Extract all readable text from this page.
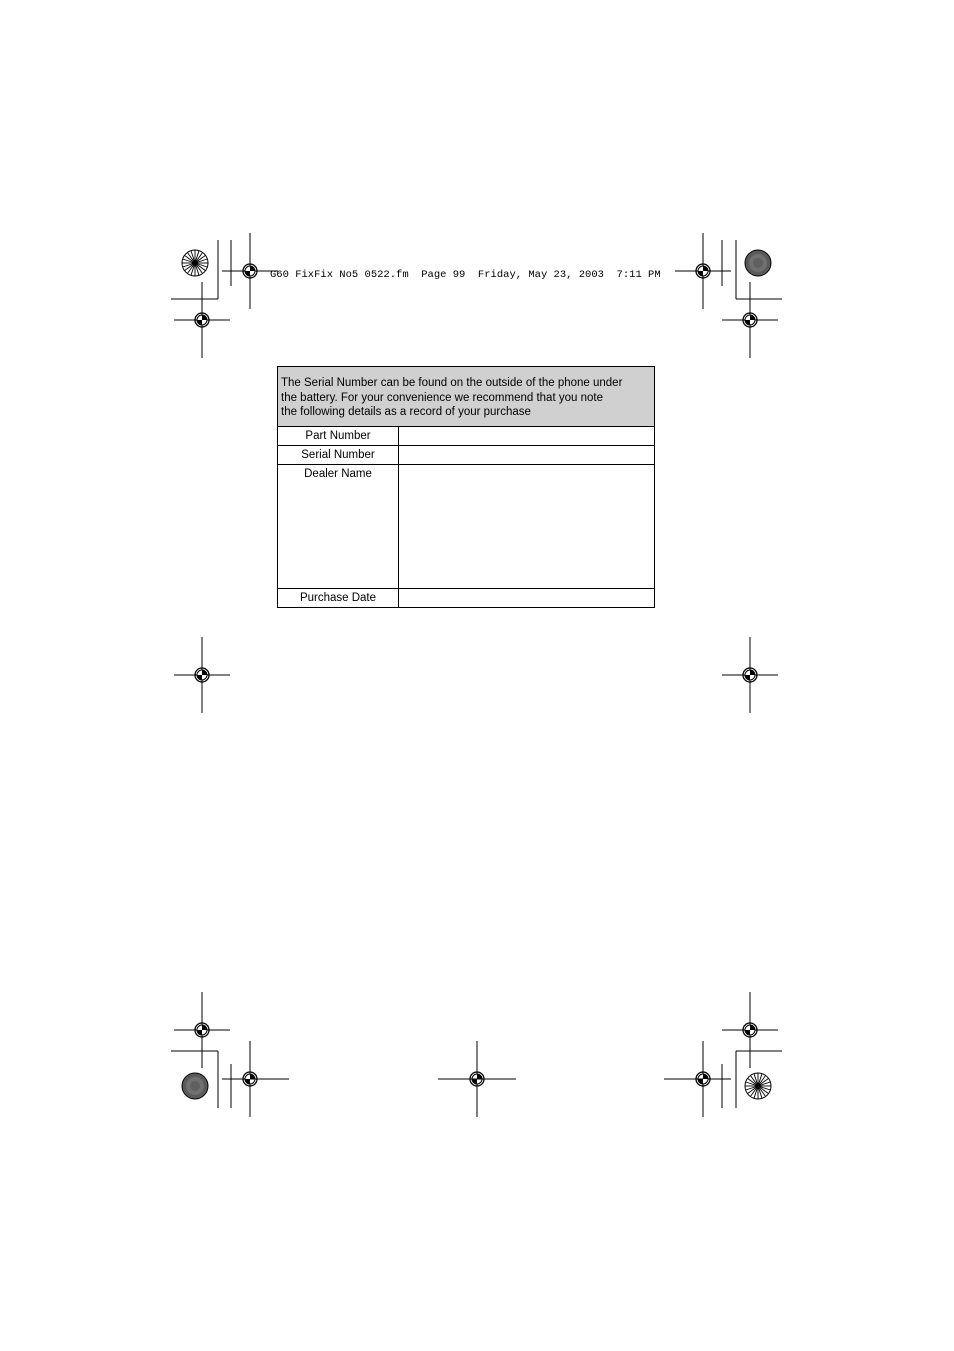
G60 FixFix No5 0522.fm  Page 99  Friday, May 23, 2003  7:11 PM
The Serial Number can be found on the outside of the phone under
the battery. For your convenience we recommend that you note
the following details as a record of your purchase	

Part Number	
Serial Number	
Dealer Name	
Purchase Date	
